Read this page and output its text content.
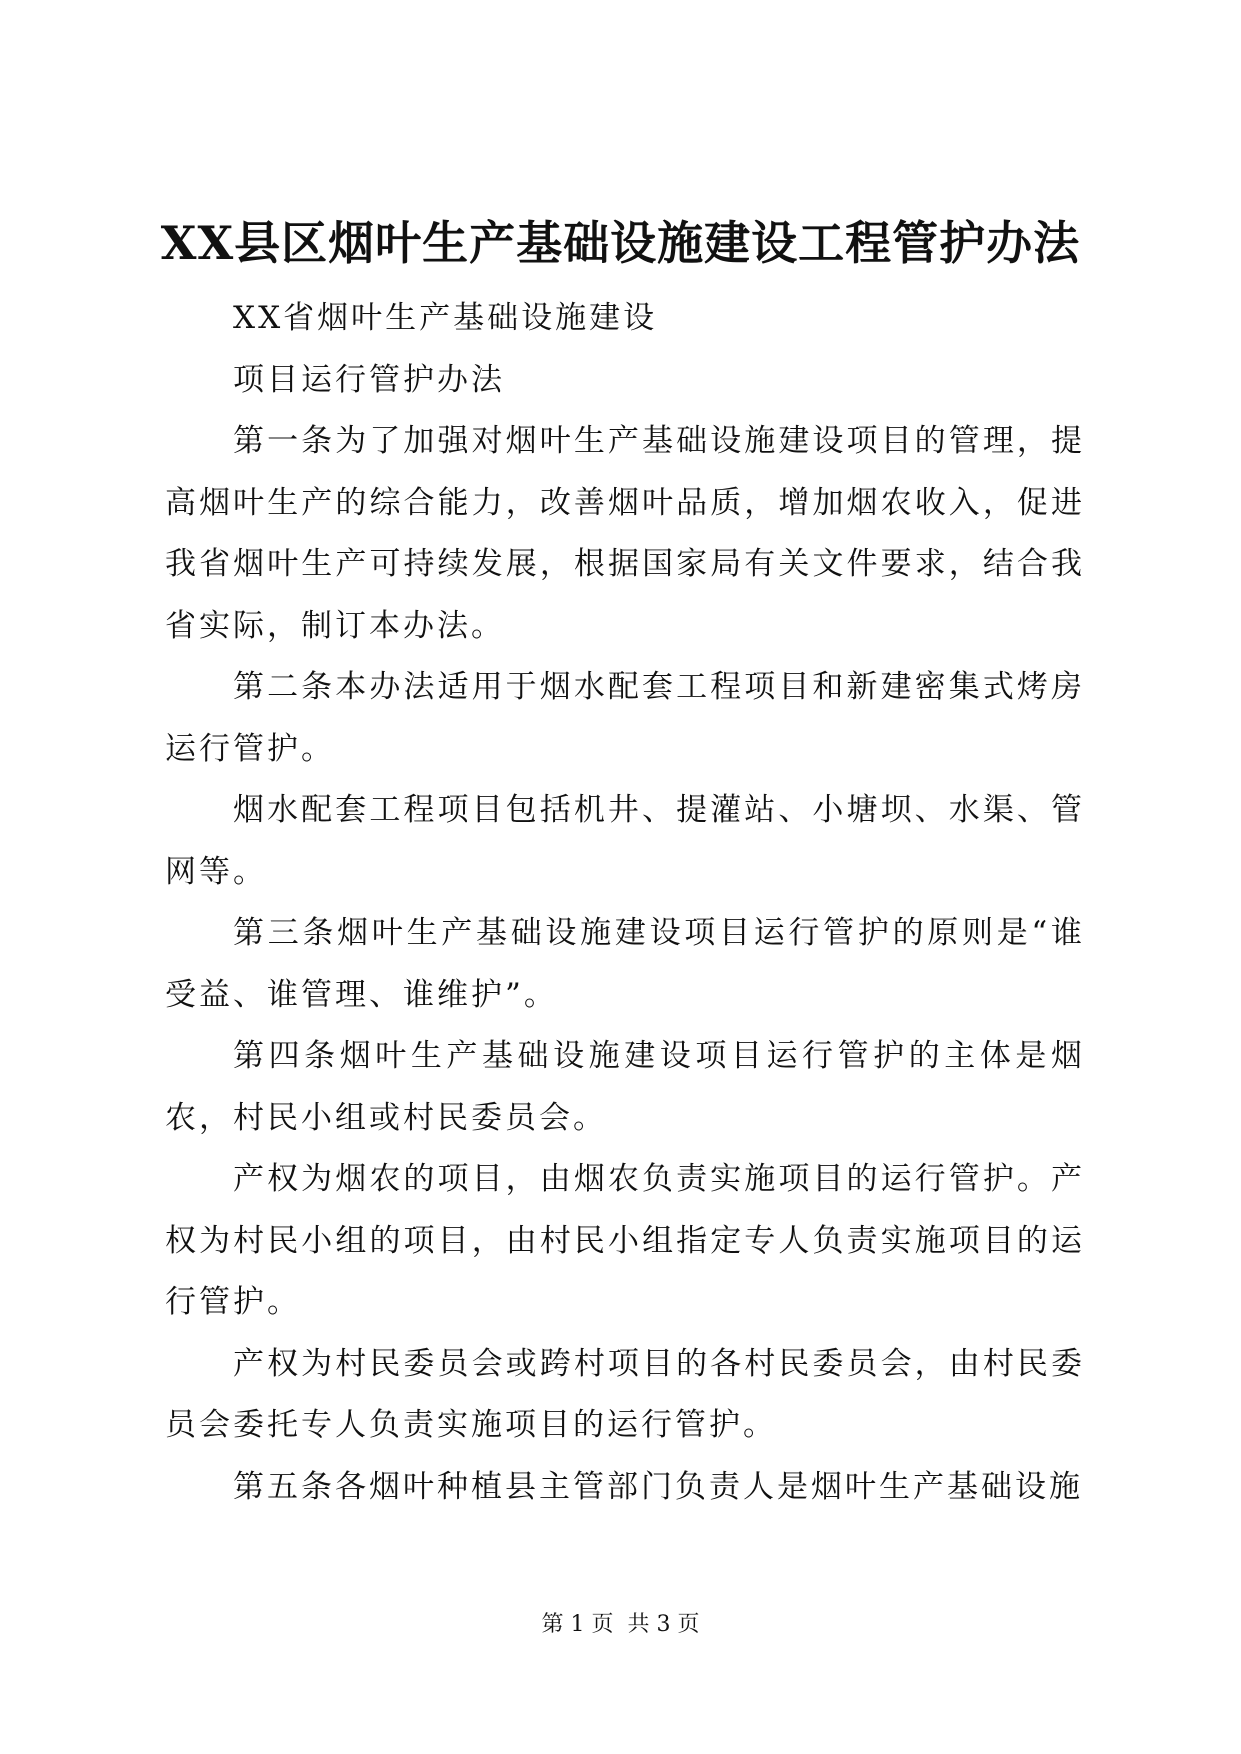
XX县区烟叶生产基础设施建设工程管护办法

XX省烟叶生产基础设施建设

项目运行管护办法

第一条为了加强对烟叶生产基础设施建设项目的管理，提高烟叶生产的综合能力，改善烟叶品质，增加烟农收入，促进我省烟叶生产可持续发展，根据国家局有关文件要求，结合我省实际，制订本办法。

第二条本办法适用于烟水配套工程项目和新建密集式烤房运行管护。

烟水配套工程项目包括机井、提灌站、小塘坝、水渠、管网等。

第三条烟叶生产基础设施建设项目运行管护的原则是“谁受益、谁管理、谁维护”。

第四条烟叶生产基础设施建设项目运行管护的主体是烟农，村民小组或村民委员会。

产权为烟农的项目，由烟农负责实施项目的运行管护。产权为村民小组的项目，由村民小组指定专人负责实施项目的运行管护。

产权为村民委员会或跨村项目的各村民委员会，由村民委员会委托专人负责实施项目的运行管护。

第五条各烟叶种植县主管部门负责人是烟叶生产基础设施

第 1 页  共 3 页
